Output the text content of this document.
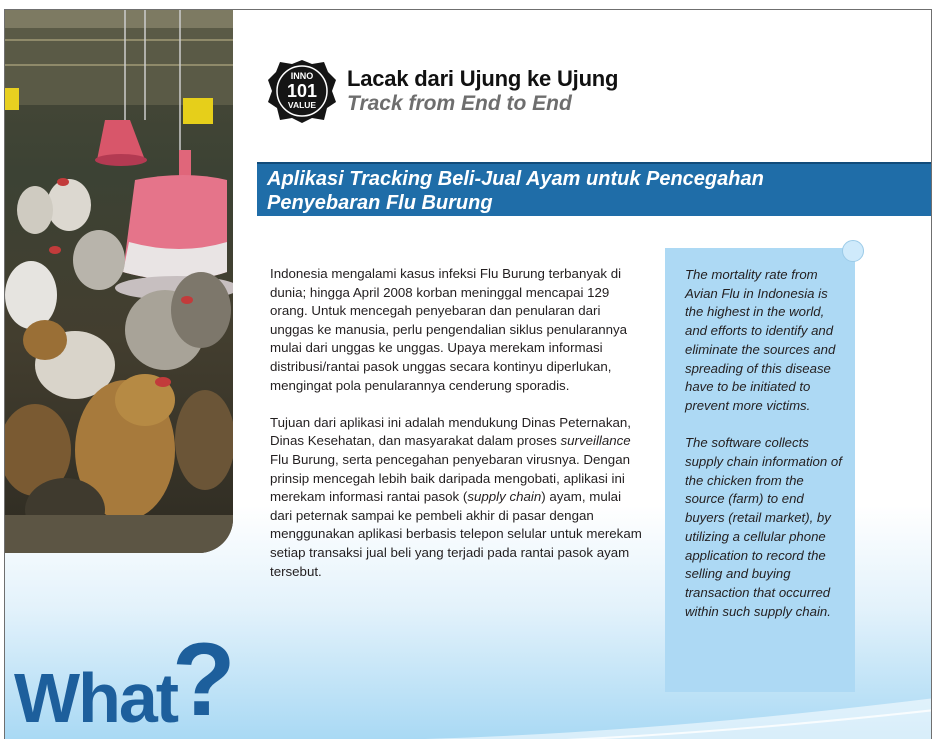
INNO
101
VALUE
Lacak dari Ujung ke Ujung
Track from End to End

Aplikasi Tracking Beli-Jual Ayam untuk Pencegahan
Penyebaran Flu Burung

Indonesia mengalami kasus infeksi Flu Burung terbanyak di dunia; hingga April 2008 korban meninggal mencapai 129 orang. Untuk mencegah penyebaran dan penularan dari unggas ke manusia, perlu pengendalian siklus penularannya mulai dari unggas ke unggas. Upaya merekam informasi distribusi/rantai pasok unggas secara kontinyu diperlukan, mengingat pola penularannya cenderung sporadis.

Tujuan dari aplikasi ini adalah mendukung Dinas Peternakan, Dinas Kesehatan, dan masyarakat dalam proses surveillance Flu Burung, serta pencegahan penyebaran virusnya. Dengan prinsip mencegah lebih baik daripada mengobati, aplikasi ini merekam informasi rantai pasok (supply chain) ayam, mulai dari peternak sampai ke pembeli akhir di pasar dengan menggunakan aplikasi berbasis telepon selular untuk merekam setiap transaksi jual beli yang terjadi pada rantai pasok ayam tersebut.

The mortality rate from Avian Flu in Indonesia is the highest in the world, and efforts to identify and eliminate the sources and spreading of this disease have to be initiated to prevent more victims.

The software collects supply chain information of the chicken from the source (farm) to end buyers (retail market), by utilizing a cellular phone application to record the selling and buying transaction that occurred within such supply chain.

What
?
